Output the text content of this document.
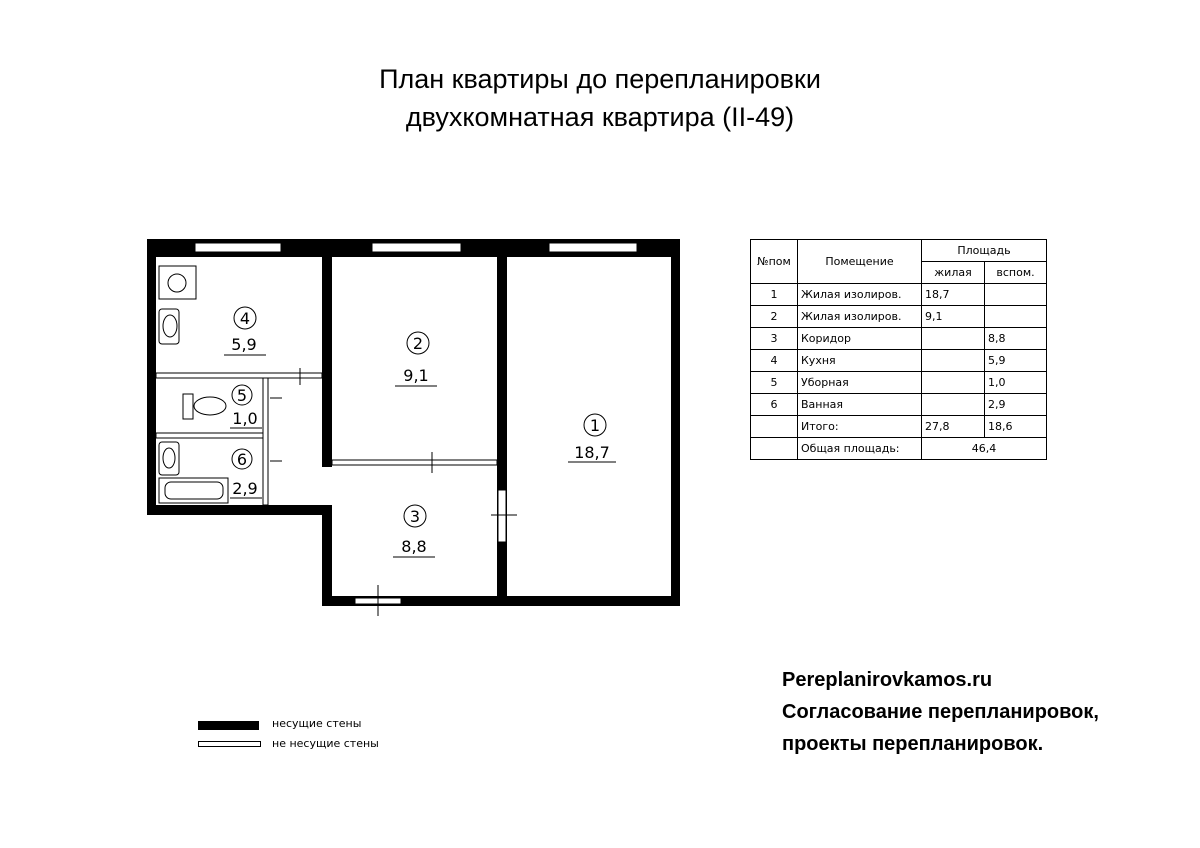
План квартиры до перепланировки
двухкомнатная квартира (II-49)
1
18,7
2
9,1
3
8,8
4
5,9
5
1,0
6
2,9
№пом	Помещение	Площадь	
		жилая	вспом.
1	Жилая изолиров.	18,7	
2	Жилая изолиров.	9,1	
3	Коридор		8,8
4	Кухня		5,9
5	Уборная		1,0
6	Ванная		2,9
	Итого:	27,8	18,6
	Общая площадь:	46,4	
несущие стены
не несущие стены
Pereplanirovkamos.ru
Согласование перепланировок,
проекты перепланировок.
